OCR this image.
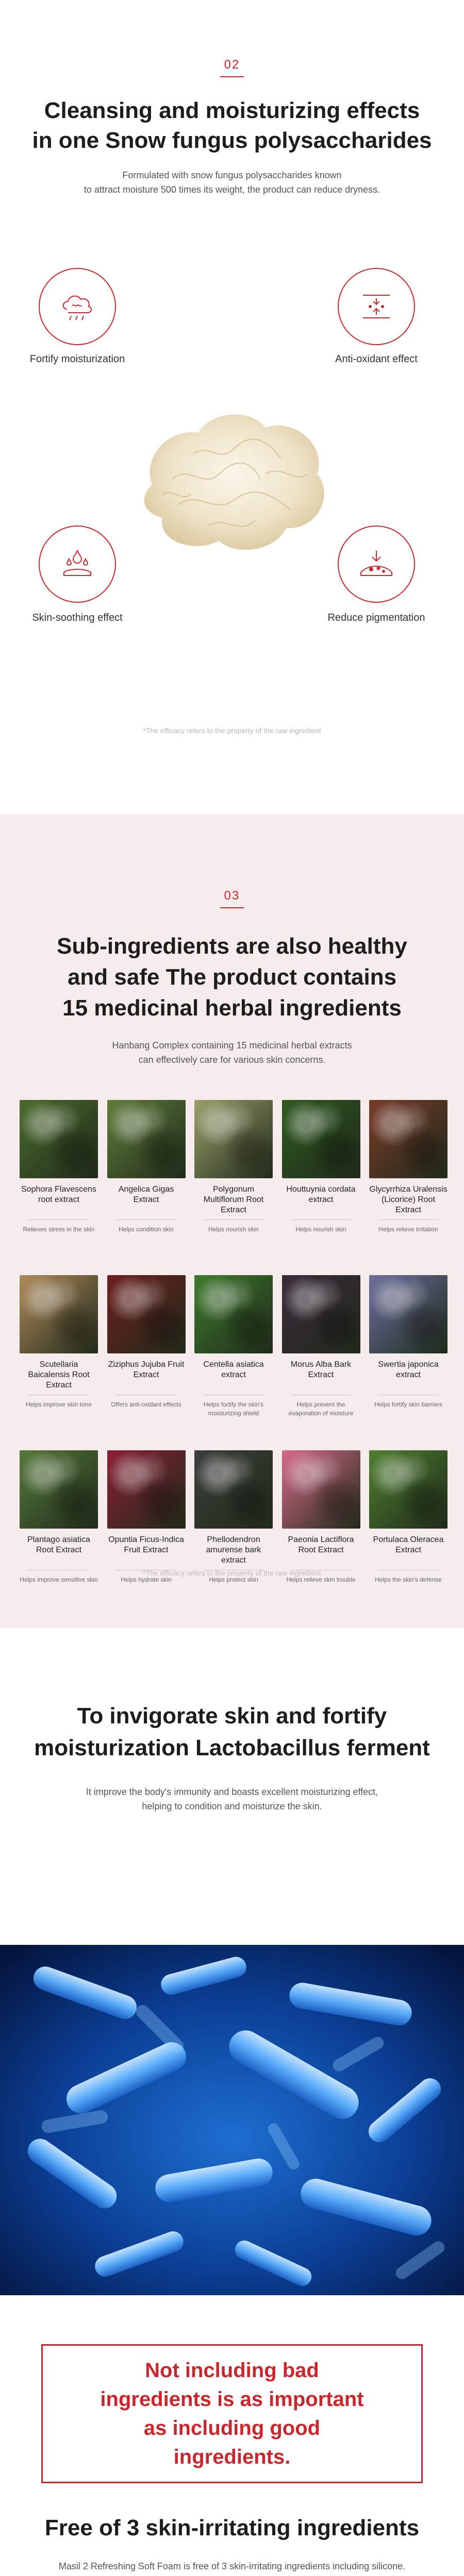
02
Cleansing and moisturizing effects
in one Snow fungus polysaccharides

Formulated with snow fungus polysaccharides known
to attract moisture 500 times its weight, the product can reduce dryness.

Fortify moisturization	Anti-oxidant effect
Skin-soothing effect	Reduce pigmentation
*The efficacy refers to the property of the raw ingredient
03
Sub-ingredients are also healthy
and safe The product contains
15 medicinal herbal ingredients

Hanbang Complex containing 15 medicinal herbal extracts
can effectively care for various skin concerns.

Sophora Flavescens root extract
Relieves stress in the skin
Angelica Gigas Extract
Helps condition skin
Polygonum Multiflorum Root Extract
Helps nourish skin
Houttuynia cordata extract
Helps nourish skin
Glycyrrhiza Uralensis (Licorice) Root Extract
Helps relieve irritation
Scutellaria Baicalensis Root Extract
Helps improve skin tone
Ziziphus Jujuba Fruit Extract
Offers anti-oxidant effects
Centella asiatica extract
Helps fortify the skin's moisturizing shield
Morus Alba Bark Extract
Helps prevent the evaporation of moisture
Swertia japonica extract
Helps fortify skin barriers
Plantago asiatica Root Extract
Helps improve sensitive skin
Opuntia Ficus-Indica Fruit Extract
Helps hydrate skin
Phellodendron amurense bark extract
Helps protect skin
Paeonia Lactiflora Root Extract
Helps relieve skin trouble
Portulaca Oleracea Extract
Helps the skin's defense
*The efficacy refers to the property of the raw ingredient
To invigorate skin and fortify
moisturization Lactobacillus ferment

It improve the body's immunity and boasts excellent moisturizing effect,
helping to condition and moisturize the skin.

Not including bad ingredients is as important as including good ingredients.
Free of 3 skin-irritating ingredients

Masil 2 Refreshing Soft Foam is free of 3 skin-irritating ingredients including silicone.
